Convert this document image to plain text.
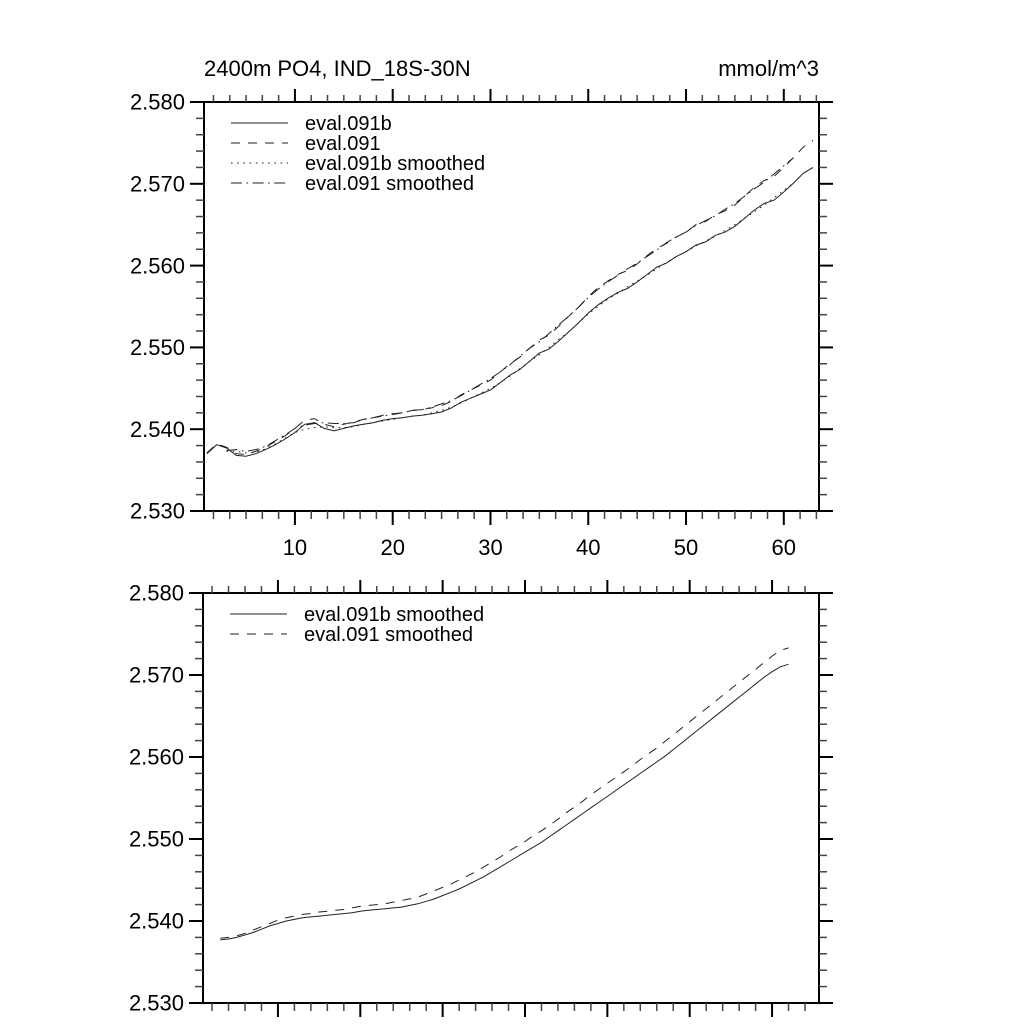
2400m PO4, IND_18S-30N	mmol/m^3
2.530
2.540
2.550
2.560
2.570
2.580
10	20	30	40	50	60
eval.091b
eval.091
eval.091b smoothed
eval.091 smoothed
2.530
2.540
2.550
2.560
2.570
2.580
eval.091b smoothed
eval.091 smoothed
